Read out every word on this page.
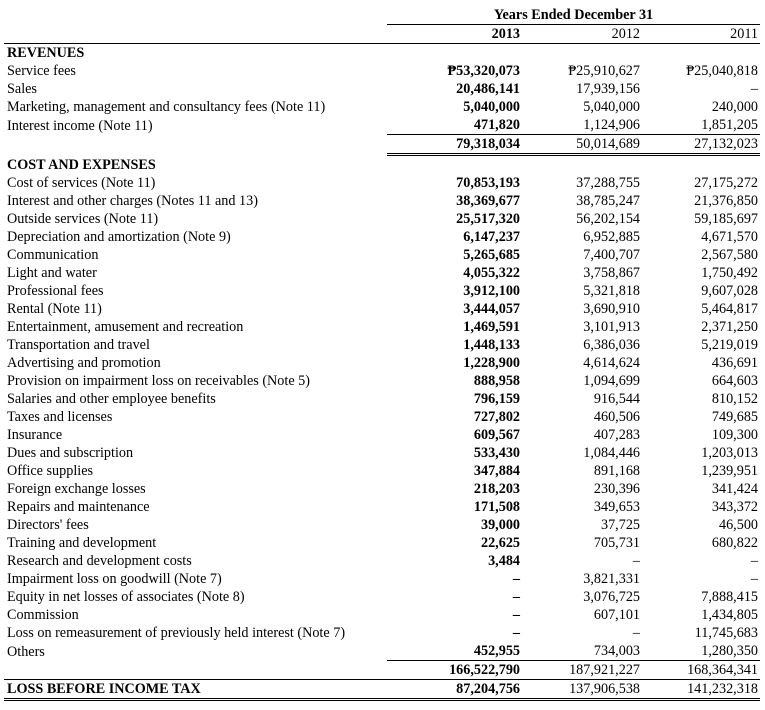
	Years Ended December 31		
	2013	2012	2011
REVENUES			
Service fees	₱53,320,073	₱25,910,627	₱25,040,818
Sales	20,486,141	17,939,156	–
Marketing, management and consultancy fees (Note 11)	5,040,000	5,040,000	240,000
Interest income (Note 11)	471,820	1,124,906	1,851,205
	79,318,034	50,014,689	27,132,023
COST AND EXPENSES			
Cost of services (Note 11)	70,853,193	37,288,755	27,175,272
Interest and other charges (Notes 11 and 13)	38,369,677	38,785,247	21,376,850
Outside services (Note 11)	25,517,320	56,202,154	59,185,697
Depreciation and amortization (Note 9)	6,147,237	6,952,885	4,671,570
Communication	5,265,685	7,400,707	2,567,580
Light and water	4,055,322	3,758,867	1,750,492
Professional fees	3,912,100	5,321,818	9,607,028
Rental (Note 11)	3,444,057	3,690,910	5,464,817
Entertainment, amusement and recreation	1,469,591	3,101,913	2,371,250
Transportation and travel	1,448,133	6,386,036	5,219,019
Advertising and promotion	1,228,900	4,614,624	436,691
Provision on impairment loss on receivables (Note 5)	888,958	1,094,699	664,603
Salaries and other employee benefits	796,159	916,544	810,152
Taxes and licenses	727,802	460,506	749,685
Insurance	609,567	407,283	109,300
Dues and subscription	533,430	1,084,446	1,203,013
Office supplies	347,884	891,168	1,239,951
Foreign exchange losses	218,203	230,396	341,424
Repairs and maintenance	171,508	349,653	343,372
Directors' fees	39,000	37,725	46,500
Training and development	22,625	705,731	680,822
Research and development costs	3,484	–	–
Impairment loss on goodwill (Note 7)	–	3,821,331	–
Equity in net losses of associates (Note 8)	–	3,076,725	7,888,415
Commission	–	607,101	1,434,805
Loss on remeasurement of previously held interest (Note 7)	–	–	11,745,683
Others	452,955	734,003	1,280,350
	166,522,790	187,921,227	168,364,341
LOSS BEFORE INCOME TAX	87,204,756	137,906,538	141,232,318
